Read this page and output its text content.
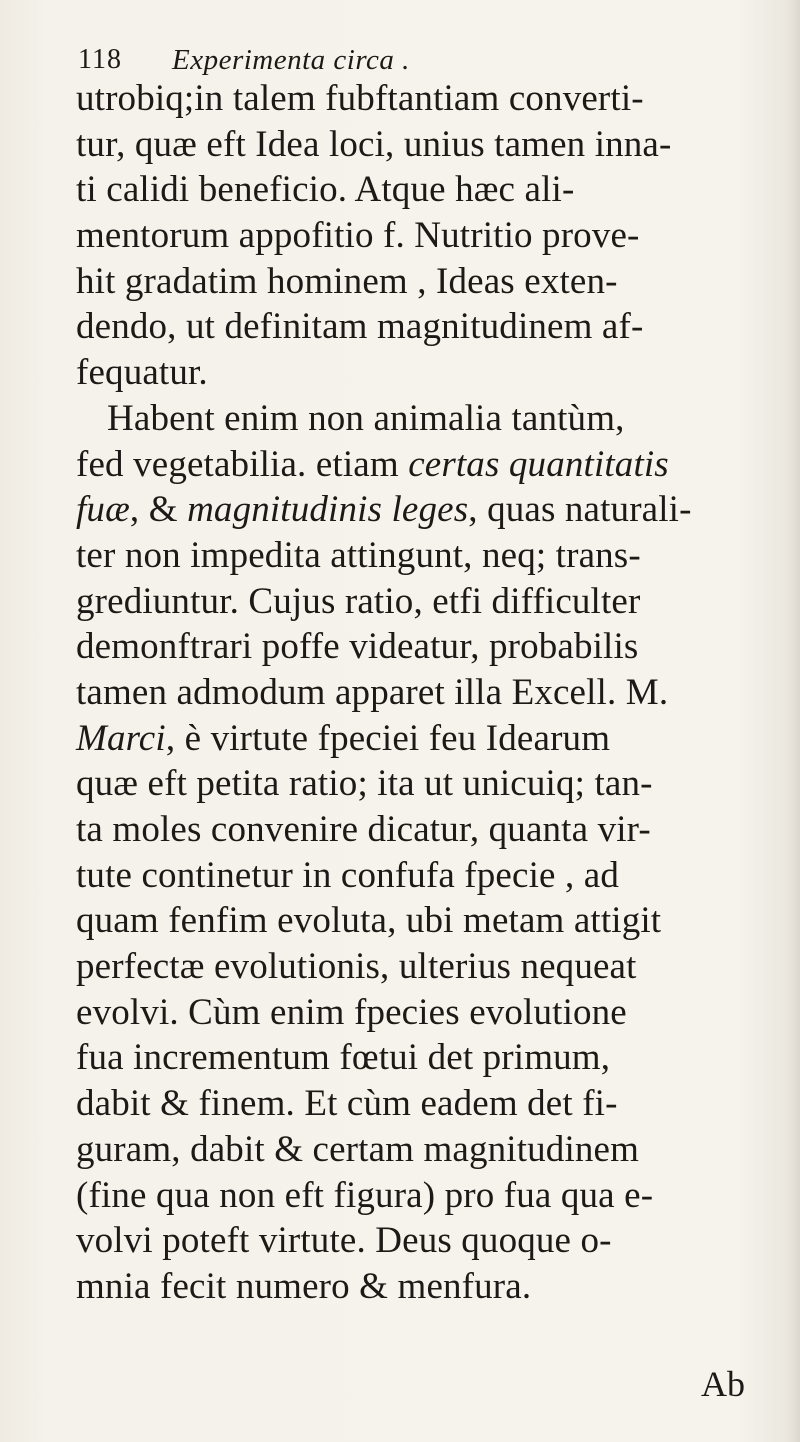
118 Experimenta circa .
utrobiq;in talem fubftantiam converti-
tur, quæ eft Idea loci, unius tamen inna-
ti calidi beneficio. Atque hæc ali-
mentorum appofitio f. Nutritio prove-
hit gradatim hominem , Ideas exten-
dendo, ut definitam magnitudinem af-
fequatur.
Habent enim non animalia tantùm,
fed vegetabilia. etiam certas quantitatis
fuæ, & magnitudinis leges, quas naturali-
ter non impedita attingunt, neq; trans-
grediuntur. Cujus ratio, etfi difficulter
demonftrari poffe videatur, probabilis
tamen admodum apparet illa Excell. M.
Marci, è virtute fpeciei feu Idearum
quæ eft petita ratio; ita ut unicuiq; tan-
ta moles convenire dicatur, quanta vir-
tute continetur in confufa fpecie , ad
quam fenfim evoluta, ubi metam attigit
perfectæ evolutionis, ulterius nequeat
evolvi. Cùm enim fpecies evolutione
fua incrementum fœtui det primum,
dabit & finem. Et cùm eadem det fi-
guram, dabit & certam magnitudinem
(fine qua non eft figura) pro fua qua e-
volvi poteft virtute. Deus quoque o-
mnia fecit numero & menfura.
Ab
